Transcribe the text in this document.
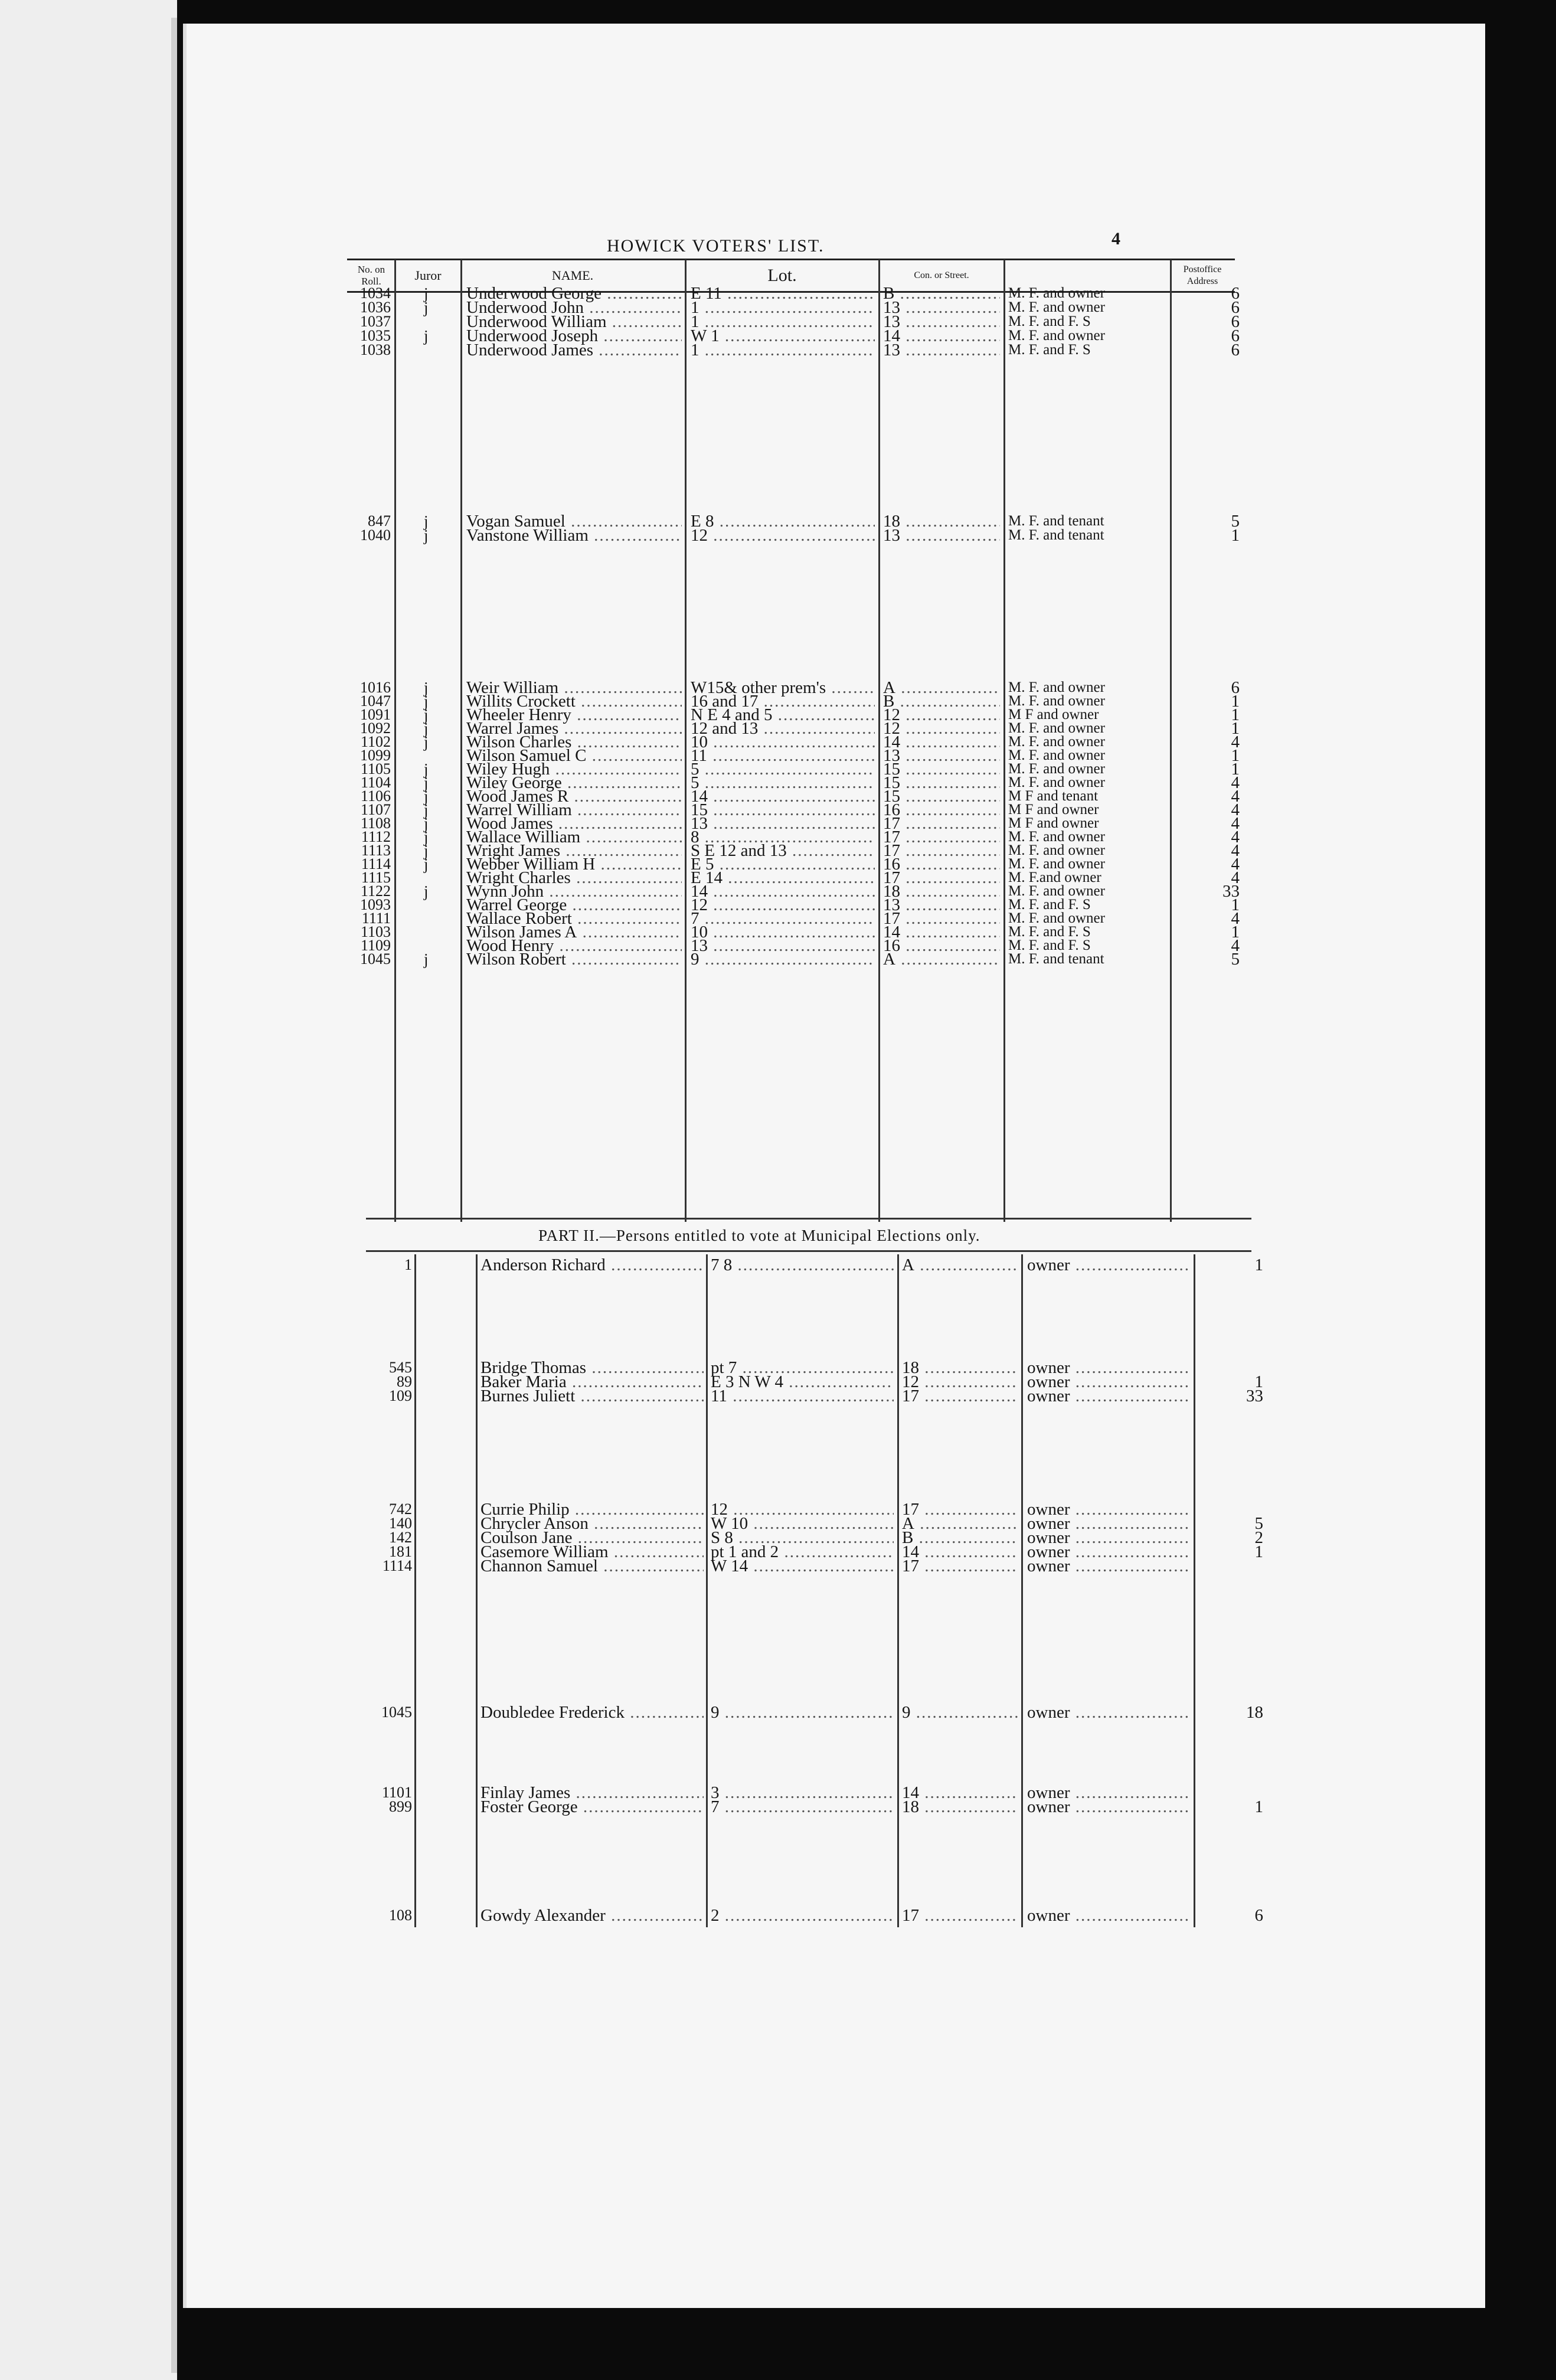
HOWICK VOTERS' LIST.	4
No. on Roll.	Juror	NAME.	Lot.	Con. or Street.
Postoffice Address
1034 j	Underwood George .....	E 11 .....	B .....	M. F. and owner	6
1036 j	Underwood John .....	1 .....	13 .....	M. F. and owner	6
1037	Underwood William .....	1 .....	13 .....	M. F. and F. S	6
1035 j	Underwood Joseph .....	W 1 .....	14 .....	M. F. and owner	6
1038	Underwood James .....	1 .....	13 .....	M. F. and F. S	6
847 j	Vogan Samuel .....	E 8 .....	18 .....	M. F. and tenant	5
1040 j	Vanstone William .....	12 .....	13 .....	M. F. and tenant	1
1016 j	Weir William .....	W15& other prem's .....	A .....	M. F. and owner	6
1047 j	Willits Crockett .....	16 and 17 .....	B .....	M. F. and owner	1
1091 j	Wheeler Henry .....	N E 4 and 5 .....	12 .....	M F and owner	1
1092 j	Warrel James .....	12 and 13 .....	12 .....	M. F. and owner	1
1102 j	Wilson Charles .....	10 .....	14 .....	M. F. and owner	4
1099	Wilson Samuel C .....	11 .....	13 .....	M. F. and owner	1
1105 j	Wiley Hugh .....	5 .....	15 .....	M. F. and owner	1
1104 j	Wiley George .....	5 .....	15 .....	M. F. and owner	4
1106 j	Wood James R .....	14 .....	15 .....	M F and tenant	4
1107 j	Warrel William .....	15 .....	16 .....	M F and owner	4
1108 j	Wood James .....	13 .....	17 .....	M F and owner	4
1112 j	Wallace William .....	8 .....	17 .....	M. F. and owner	4
1113 j	Wright James .....	S E 12 and 13 .....	17 .....	M. F. and owner	4
1114 j	Webber William H .....	E 5 .....	16 .....	M. F. and owner	4
1115	Wright Charles .....	E 14 .....	17 .....	M. F.and owner	4
1122 j	Wynn John .....	14 .....	18 .....	M. F. and owner	33
1093	Warrel George .....	12 .....	13 .....	M. F. and F. S	1
1111	Wallace Robert .....	7 .....	17 .....	M. F. and owner	4
1103	Wilson James A .....	10 .....	14 .....	M. F. and F. S	1
1109	Wood Henry .....	13 .....	16 .....	M. F. and F. S	4
1045 j	Wilson Robert .....	9 .....	A .....	M. F. and tenant	5
PART II.—Persons entitled to vote at Municipal Elections only.
1	Anderson Richard .....	7 8 .....	A .....	owner .....	1
545	Bridge Thomas .....	pt 7 .....	18 .....	owner .....
89	Baker Maria .....	E 3 N W 4 .....	12 .....	owner .....	1
109	Burnes Juliett .....	11 .....	17 .....	owner .....	33
742	Currie Philip .....	12 .....	17 .....	owner .....
140	Chrycler Anson .....	W 10 .....	A .....	owner .....	5
142	Coulson Jane .....	S 8 .....	B .....	owner .....	2
181	Casemore William .....	pt 1 and 2 .....	14 .....	owner .....	1
1114	Channon Samuel .....	W 14 .....	17 .....	owner .....
1045	Doubledee Frederick .....	9 .....	9 .....	owner .....	18
1101	Finlay James .....	3 .....	14 .....	owner .....
899	Foster George .....	7 .....	18 .....	owner .....	1
108	Gowdy Alexander .....	2 .....	17 .....	owner .....	6
